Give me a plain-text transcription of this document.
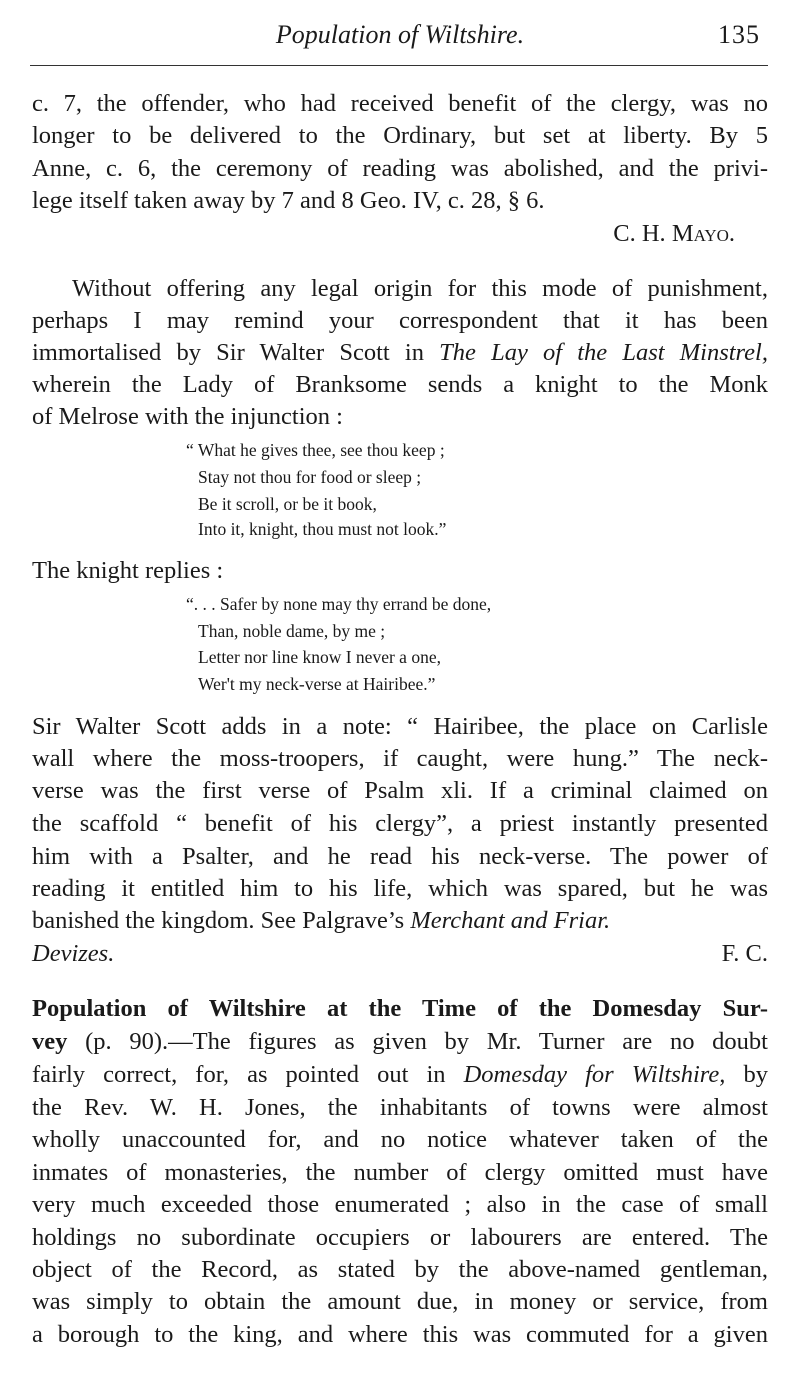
Population of Wiltshire.	135
c. 7, the offender, who had received benefit of the clergy, was no
longer to be delivered to the Ordinary, but set at liberty. By 5
Anne, c. 6, the ceremony of reading was abolished, and the privi-
lege itself taken away by 7 and 8 Geo. IV, c. 28, § 6.
C. H. Mayo.
Without offering any legal origin for this mode of punishment,
perhaps I may remind your correspondent that it has been
immortalised by Sir Walter Scott in The Lay of the Last Minstrel,
wherein the Lady of Branksome sends a knight to the Monk
of Melrose with the injunction :
“ What he gives thee, see thou keep ;
Stay not thou for food or sleep ;
Be it scroll, or be it book,
Into it, knight, thou must not look.”
The knight replies :
“. . . Safer by none may thy errand be done,
Than, noble dame, by me ;
Letter nor line know I never a one,
Wer't my neck-verse at Hairibee.”
Sir Walter Scott adds in a note: “ Hairibee, the place on Carlisle
wall where the moss-troopers, if caught, were hung.” The neck-
verse was the first verse of Psalm xli. If a criminal claimed on
the scaffold “ benefit of his clergy”, a priest instantly presented
him with a Psalter, and he read his neck-verse. The power of
reading it entitled him to his life, which was spared, but he was
banished the kingdom. See Palgrave’s Merchant and Friar.
Devizes.	F. C.
Population of Wiltshire at the Time of the Domesday Sur-
vey (p. 90).—The figures as given by Mr. Turner are no doubt
fairly correct, for, as pointed out in Domesday for Wiltshire, by
the Rev. W. H. Jones, the inhabitants of towns were almost
wholly unaccounted for, and no notice whatever taken of the
inmates of monasteries, the number of clergy omitted must have
very much exceeded those enumerated ; also in the case of small
holdings no subordinate occupiers or labourers are entered. The
object of the Record, as stated by the above-named gentleman,
was simply to obtain the amount due, in money or service, from
a borough to the king, and where this was commuted for a given
